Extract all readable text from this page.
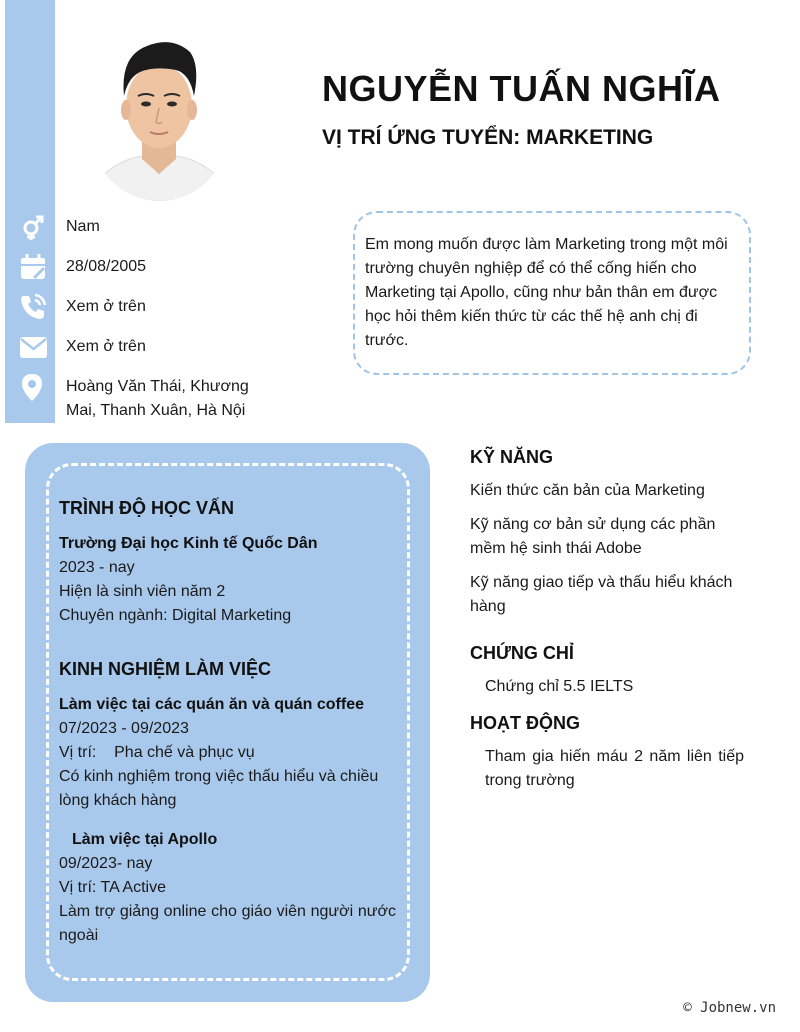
NGUYỄN TUẤN NGHĨA
VỊ TRÍ ỨNG TUYỂN: MARKETING
Nam
28/08/2005
Xem ở trên
Xem ở trên
Hoàng Văn Thái, Khương Mai, Thanh Xuân, Hà Nội
Em mong muốn được làm Marketing trong một môi trường chuyên nghiệp để có thể cống hiến cho Marketing tại Apollo, cũng như bản thân em được học hỏi thêm kiến thức từ các thế hệ anh chị đi trước.
TRÌNH ĐỘ HỌC VẤN
Trường Đại học Kinh tế Quốc Dân
2023 - nay
Hiện là sinh viên năm 2
Chuyên ngành: Digital Marketing
KINH NGHIỆM LÀM VIỆC
Làm việc tại các quán ăn và quán coffee
07/2023 - 09/2023
Vị trí:    Pha chế và phục vụ
Có kinh nghiệm trong việc thấu hiểu và chiều lòng khách hàng
Làm việc tại Apollo
09/2023- nay
Vị trí: TA Active
Làm trợ giảng online cho giáo viên người nước ngoài
KỸ NĂNG
Kiến thức căn bản của Marketing
Kỹ năng cơ bản sử dụng các phần mềm hệ sinh thái Adobe
Kỹ năng giao tiếp và thấu hiểu khách hàng
CHỨNG CHỈ
Chứng chỉ 5.5 IELTS
HOẠT ĐỘNG
Tham gia hiến máu 2 năm liên tiếp trong trường
© Jobnew.vn
